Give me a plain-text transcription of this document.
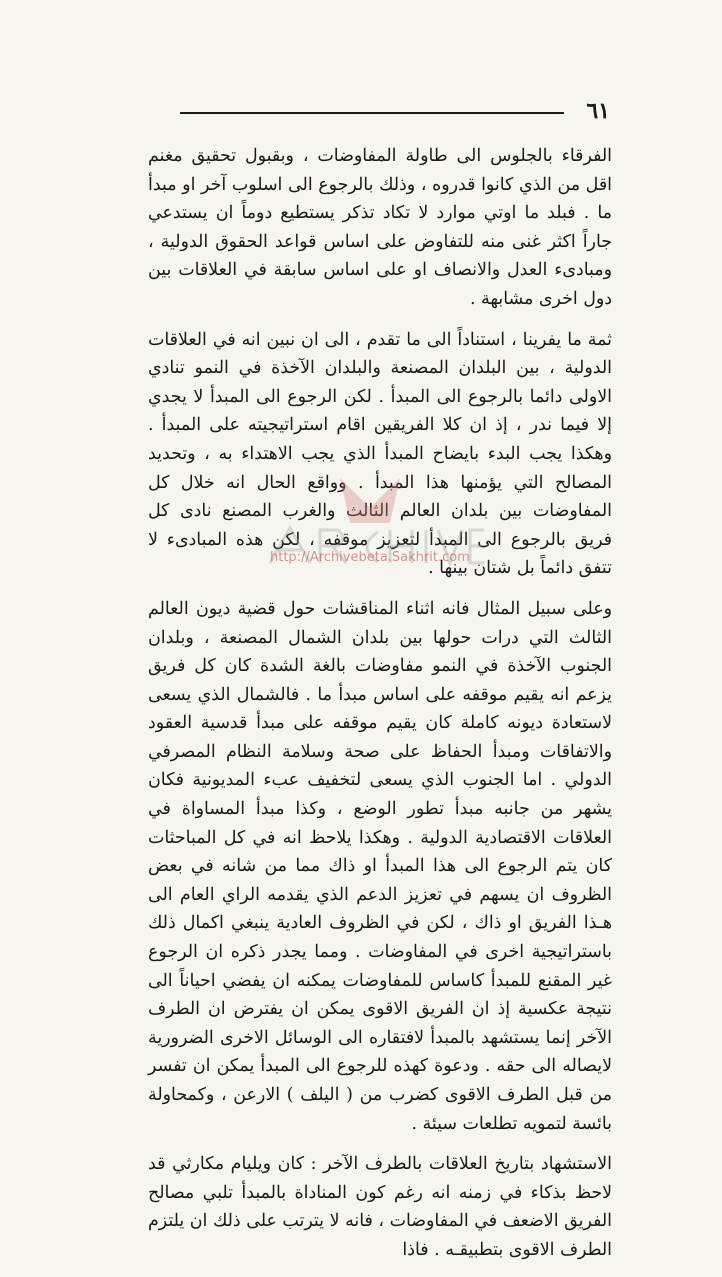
٦١

الفرقاء بالجلوس الى طاولة المفاوضات ، وبقبول تحقيق مغنم اقل من الذي كانوا قدروه ، وذلك بالرجوع الى اسلوب آخر او مبدأ ما . فبلد ما اوتي موارد لا تكاد تذكر يستطيع دوماً ان يستدعي جاراً اكثر غنى منه للتفاوض على اساس قواعد الحقوق الدولية ، ومبادىء العدل والانصاف او على اساس سابقة في العلاقات بين دول اخرى مشابهة .

ثمة ما يفرينا ، استناداً الى ما تقدم ، الى ان نبين انه في العلاقات الدولية ، بين البلدان المصنعة والبلدان الآخذة في النمو تنادي الاولى دائما بالرجوع الى المبدأ . لكن الرجوع الى المبدأ لا يجدي إلا فيما ندر ، إذ ان كلا الفريقين اقام استراتيجيته على المبدأ . وهكذا يجب البدء بايضاح المبدأ الذي يجب الاهتداء به ، وتحديد المصالح التي يؤمنها هذا المبدأ . وواقع الحال انه خلال كل المفاوضات بين بلدان العالم الثالث والغرب المصنع نادى كل فريق بالرجوع الى المبدأ لتعزيز موقفه ، لكن هذه المبادىء لا تتفق دائماً بل شتان بينها .

وعلى سبيل المثال فانه اثناء المناقشات حول قضية ديون العالم الثالث التي درات حولها بين بلدان الشمال المصنعة ، وبلدان الجنوب الآخذة في النمو مفاوضات بالغة الشدة كان كل فريق يزعم انه يقيم موقفه على اساس مبدأ ما . فالشمال الذي يسعى لاستعادة ديونه كاملة كان يقيم موقفه على مبدأ قدسية العقود والاتفاقات ومبدأ الحفاظ على صحة وسلامة النظام المصرفي الدولي . اما الجنوب الذي يسعى لتخفيف عبء المديونية فكان يشهر من جانبه مبدأ تطور الوضع ، وكذا مبدأ المساواة في العلاقات الاقتصادية الدولية . وهكذا يلاحظ انه في كل المباحثات كان يتم الرجوع الى هذا المبدأ او ذاك مما من شانه في بعض الظروف ان يسهم في تعزيز الدعم الذي يقدمه الراي العام الى هـذا الفريق او ذاك ، لكن في الظروف العادية ينبغي اكمال ذلك باستراتيجية اخرى في المفاوضات . ومما يجدر ذكره ان الرجوع غير المقنع للمبدأ كاساس للمفاوضات يمكنه ان يفضي احياناً الى نتيجة عكسية إذ ان الفريق الاقوى يمكن ان يفترض ان الطرف الآخر إنما يستشهد بالمبدأ لافتقاره الى الوسائل الاخرى الضرورية لايصاله الى حقه . ودعوة كهذه للرجوع الى المبدأ يمكن ان تفسر من قبل الطرف الاقوى كضرب من ( اليلف ) الارعن ، وكمحاولة بائسة لتمويه تطلعات سيئة .

الاستشهاد بتاريخ العلاقات بالطرف الآخر : كان ويليام مكارثي قد لاحظ بذكاء في زمنه انه رغم كون المناداة بالمبدأ تلبي مصالح الفريق الاضعف في المفاوضات ، فانه لا يترتب على ذلك ان يلتزم الطرف الاقوى بتطبيقـه . فاذا

http://Archivebeta.Sakhrit.com
